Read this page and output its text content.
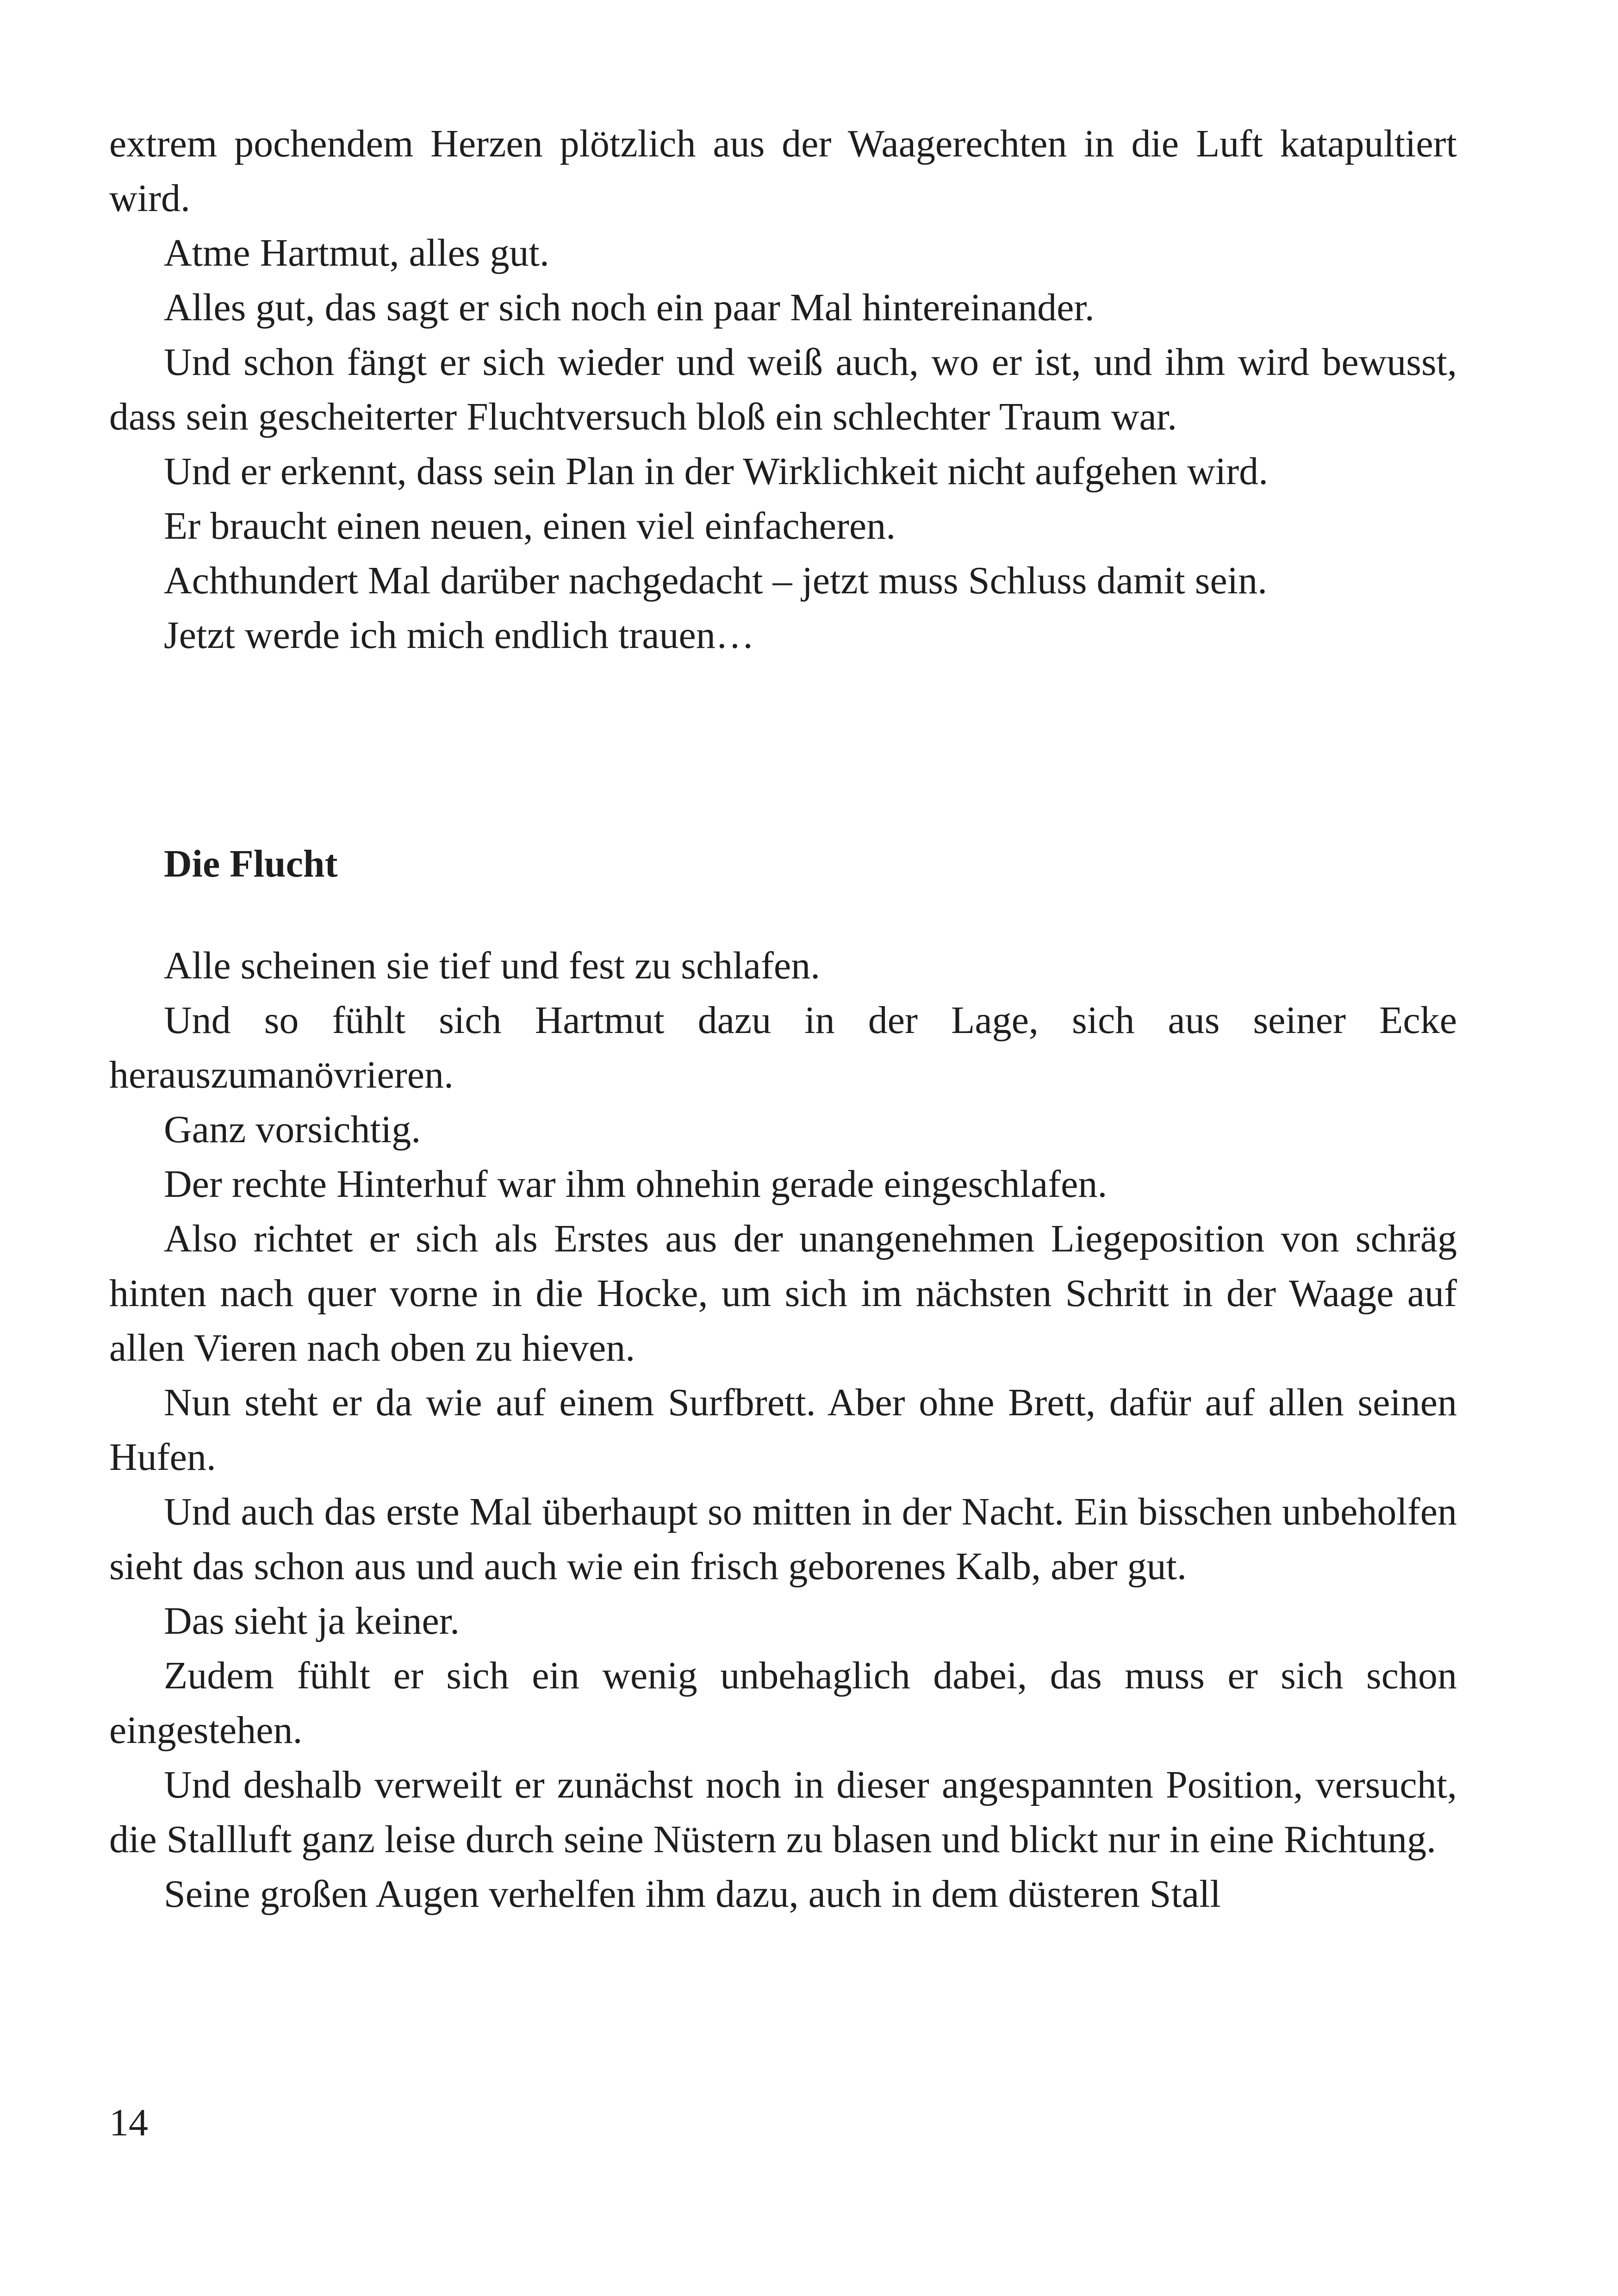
extrem pochendem Herzen plötzlich aus der Waagerechten in die Luft katapultiert wird.

Atme Hartmut, alles gut.

Alles gut, das sagt er sich noch ein paar Mal hintereinander.

Und schon fängt er sich wieder und weiß auch, wo er ist, und ihm wird bewusst, dass sein gescheiterter Fluchtversuch bloß ein schlechter Traum war.

Und er erkennt, dass sein Plan in der Wirklichkeit nicht aufgehen wird.

Er braucht einen neuen, einen viel einfacheren.

Achthundert Mal darüber nachgedacht – jetzt muss Schluss damit sein.

Jetzt werde ich mich endlich trauen…

Die Flucht

Alle scheinen sie tief und fest zu schlafen.

Und so fühlt sich Hartmut dazu in der Lage, sich aus seiner Ecke herauszumanövrieren.

Ganz vorsichtig.

Der rechte Hinterhuf war ihm ohnehin gerade eingeschlafen.

Also richtet er sich als Erstes aus der unangenehmen Liegeposition von schräg hinten nach quer vorne in die Hocke, um sich im nächsten Schritt in der Waage auf allen Vieren nach oben zu hieven.

Nun steht er da wie auf einem Surfbrett. Aber ohne Brett, dafür auf allen seinen Hufen.

Und auch das erste Mal überhaupt so mitten in der Nacht. Ein bisschen unbeholfen sieht das schon aus und auch wie ein frisch geborenes Kalb, aber gut.

Das sieht ja keiner.

Zudem fühlt er sich ein wenig unbehaglich dabei, das muss er sich schon eingestehen.

Und deshalb verweilt er zunächst noch in dieser angespannten Position, versucht, die Stallluft ganz leise durch seine Nüstern zu blasen und blickt nur in eine Richtung.

Seine großen Augen verhelfen ihm dazu, auch in dem düsteren Stall

14
